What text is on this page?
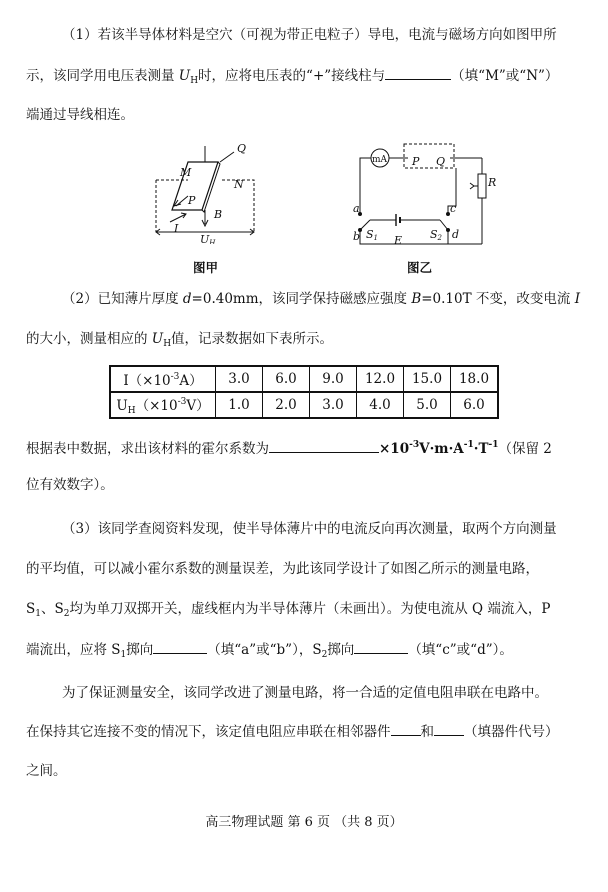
（1）若该半导体材料是空穴（可视为带正电粒子）导电，电流与磁场方向如图甲所
示，该同学用电压表测量 $U_H$时，应将电压表的“+”接线柱与	（填“M”或“N”）
端通过导线相连。
Q
M
N
P
B
I
UH
图甲
mA P Q
R
a
b
c
d
S1 E	S2
图乙
（2）已知薄片厚度 d=0.40mm，该同学保持磁感应强度 B=0.10T 不变，改变电流 I
的大小，测量相应的 $U_H$值，记录数据如下表所示。
$I(\times 10^{-3}A)$	3.0	6.0	9.0	12.0	15.0	18.0
$U_H(\times 10^{-3}V)$	1.0	2.0	3.0	4.0	5.0	6.0
根据表中数据，求出该材料的霍尔系数为	$\times 10^{-3}V\cdot m\cdot A^{-1}\cdot T^{-1}$（保留 2
位有效数字）。
（3）该同学查阅资料发现，使半导体薄片中的电流反向再次测量，取两个方向测量
的平均值，可以减小霍尔系数的测量误差，为此该同学设计了如图乙所示的测量电路，
$S_1$、$S_2$均为单刀双掷开关，虚线框内为半导体薄片（未画出）。为使电流从 Q 端流入，P
端流出，应将 $S_1$掷向	（填“a”或“b”），$S_2$掷向	（填“c”或“d”）。
为了保证测量安全，该同学改进了测量电路，将一合适的定值电阻串联在电路中。
在保持其它连接不变的情况下，该定值电阻应串联在相邻器件 和 （填器件代号）
之间。
高三物理试题 第 6 页 （共 8 页）
